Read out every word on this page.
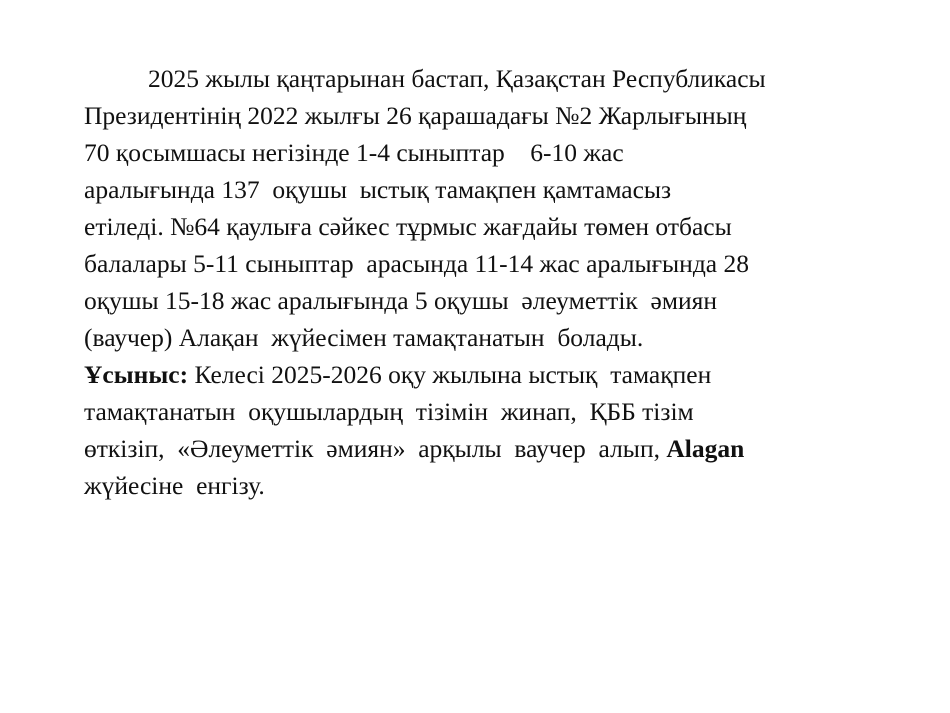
2025 жылы қаңтарынан бастап, Қазақстан Республикасы
Президентінің 2022 жылғы 26 қарашадағы №2 Жарлығының
70 қосымшасы негізінде 1-4 сыныптар    6-10 жас
аралығында 137  оқушы  ыстық тамақпен қамтамасыз
етіледі. №64 қаулыға сәйкес тұрмыс жағдайы төмен отбасы
балалары 5-11 сыныптар  арасында 11-14 жас аралығында 28
оқушы 15-18 жас аралығында 5 оқушы  әлеуметтік  әмиян
(ваучер) Алақан  жүйесімен тамақтанатын  болады.
Ұсыныс: Келесі 2025-2026 оқу жылына ыстық  тамақпен
тамақтанатын  оқушылардың  тізімін  жинап,  ҚББ тізім
өткізіп,  «Әлеуметтік  әмиян»  арқылы  ваучер  алып, Alagan
жүйесіне  енгізу.
